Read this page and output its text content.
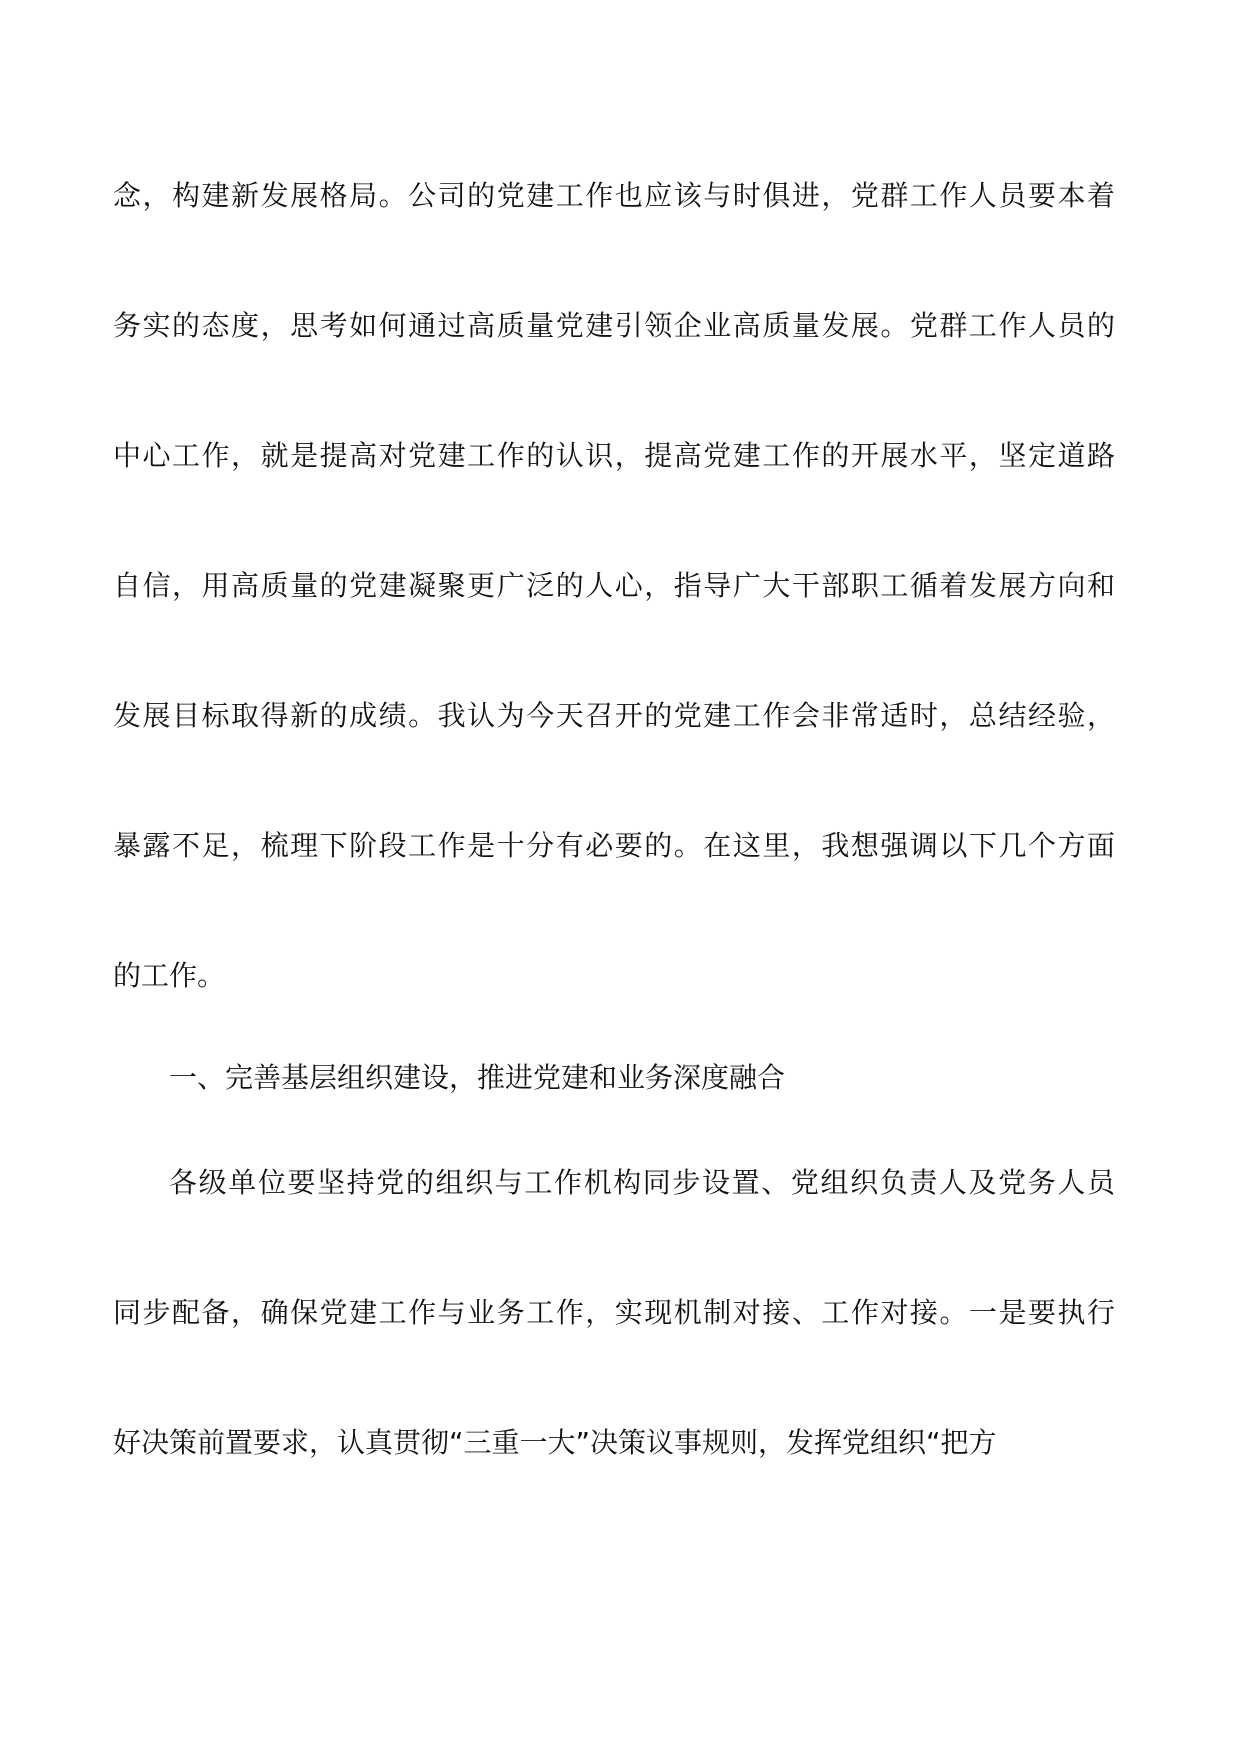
念，构建新发展格局。公司的党建工作也应该与时俱进，党群工作人员要本着
务实的态度，思考如何通过高质量党建引领企业高质量发展。党群工作人员的
中心工作，就是提高对党建工作的认识，提高党建工作的开展水平，坚定道路
自信，用高质量的党建凝聚更广泛的人心，指导广大干部职工循着发展方向和
发展目标取得新的成绩。我认为今天召开的党建工作会非常适时，总结经验，
暴露不足，梳理下阶段工作是十分有必要的。在这里，我想强调以下几个方面
的工作。
一、完善基层组织建设，推进党建和业务深度融合
各级单位要坚持党的组织与工作机构同步设置、党组织负责人及党务人员
同步配备，确保党建工作与业务工作，实现机制对接、工作对接。一是要执行
好决策前置要求，认真贯彻“三重一大”决策议事规则，发挥党组织“把方
